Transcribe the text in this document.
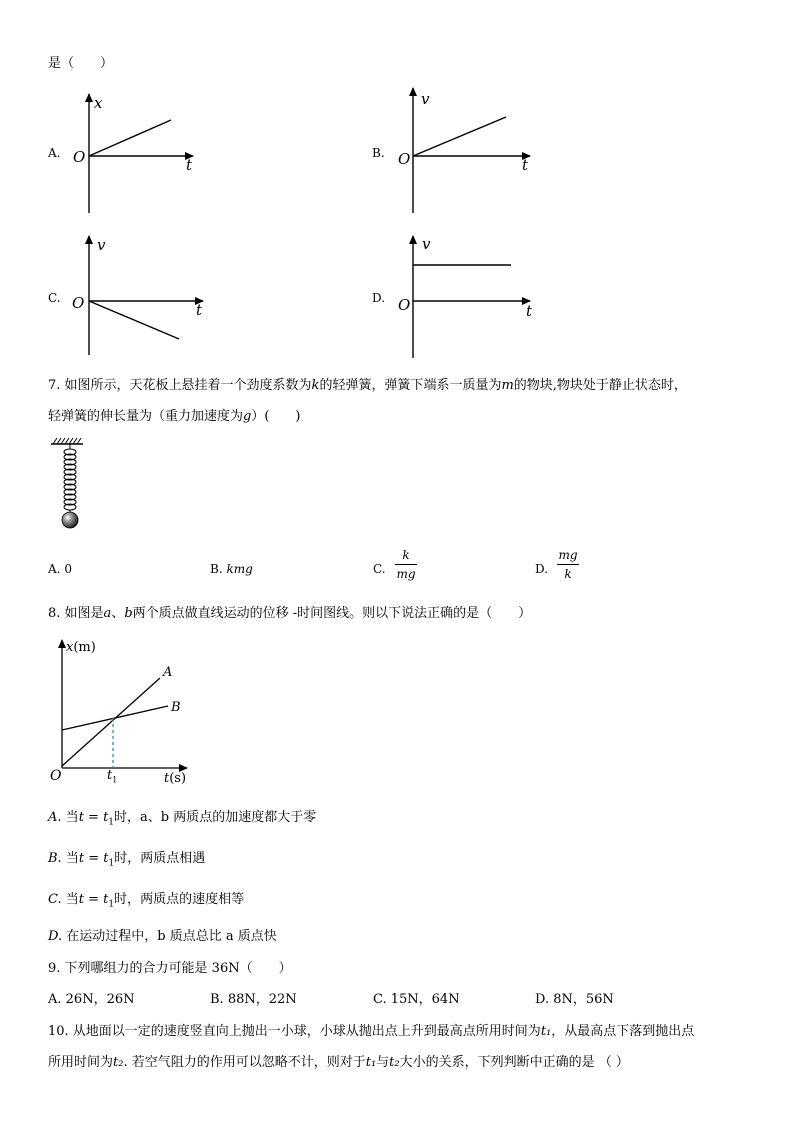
是（　　）
A.
x
t
O	B.
v
t
O
C.
v
t
O	D.
v
t
O
7. 如图所示，天花板上悬挂着一个劲度系数为k的轻弹簧，弹簧下端系一质量为m的物块,物块处于静止状态时，
轻弹簧的伸长量为（重力加速度为g）(　　)
A. 0	B. kmg	C.
k
mg	D.
mg
k
8. 如图是a、b两个质点做直线运动的位移 -时间图线。则以下说法正确的是（　　）
x(m)
t(s)
O
A
B
$t_1$
A. 当$t = t_1$时，a、b 两质点的加速度都大于零
B. 当$t = t_1$时，两质点相遇
C. 当$t = t_1$时，两质点的速度相等
D. 在运动过程中，b 质点总比 a 质点快
9. 下列哪组力的合力可能是 36N（　　）
A. 26N，26N	B. 88N，22N	C. 15N，64N	D. 8N，56N
10. 从地面以一定的速度竖直向上抛出一小球，小球从抛出点上升到最高点所用时间为t₁，从最高点下落到抛出点
所用时间为t₂. 若空气阻力的作用可以忽略不计，则对于t₁与t₂大小的关系，下列判断中正确的是 （ ）
